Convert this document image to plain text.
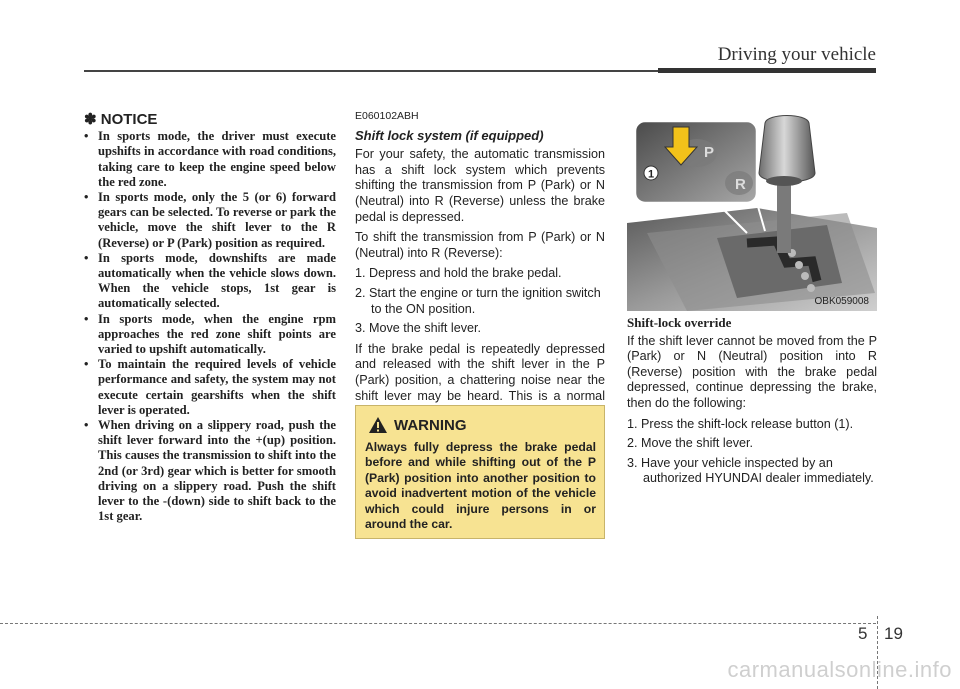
Driving your vehicle
✽ NOTICE
• In sports mode, the driver must execute upshifts in accordance with road conditions, taking care to keep the engine speed below the red zone.
• In sports mode, only the 5 (or 6) forward gears can be selected. To reverse or park the vehicle, move the shift lever to the R (Reverse) or P (Park) position as required.
• In sports mode, downshifts are made automatically when the vehicle slows down. When the vehicle stops, 1st gear is automatically selected.
• In sports mode, when the engine rpm approaches the red zone shift points are varied to upshift automatically.
• To maintain the required levels of vehicle performance and safety, the system may not execute certain gearshifts when the shift lever is operated.
• When driving on a slippery road, push the shift lever forward into the +(up) position. This causes the transmission to shift into the 2nd (or 3rd) gear which is better for smooth driving on a slippery road. Push the shift lever to the -(down) side to shift back to the 1st gear.
E060102ABH
Shift lock system (if equipped)

For your safety, the automatic transmission has a shift lock system which prevents shifting the transmission from P (Park) or N (Neutral) into R (Reverse) unless the brake pedal is depressed.

To shift the transmission from P (Park) or N (Neutral) into R (Reverse):

1. Depress and hold the brake pedal.
2. Start the engine or turn the ignition switch to the ON position.
3. Move the shift lever.

If the brake pedal is repeatedly depressed and released with the shift lever in the P (Park) position, a chattering noise near the shift lever may be heard. This is a normal

WARNING
Always fully depress the brake pedal before and while shifting out of the P (Park) position into another position to avoid inadvertent motion of the vehicle which could injure persons in or around the car.
P
R
1
OBK059008
Shift-lock override

If the shift lever cannot be moved from the P (Park) or N (Neutral) position into R (Reverse) position with the brake pedal depressed, continue depressing the brake, then do the following:

1. Press the shift-lock release button (1).
2. Move the shift lever.
3. Have your vehicle inspected by an authorized HYUNDAI dealer immediately.
5 19
carmanualsonline.info
